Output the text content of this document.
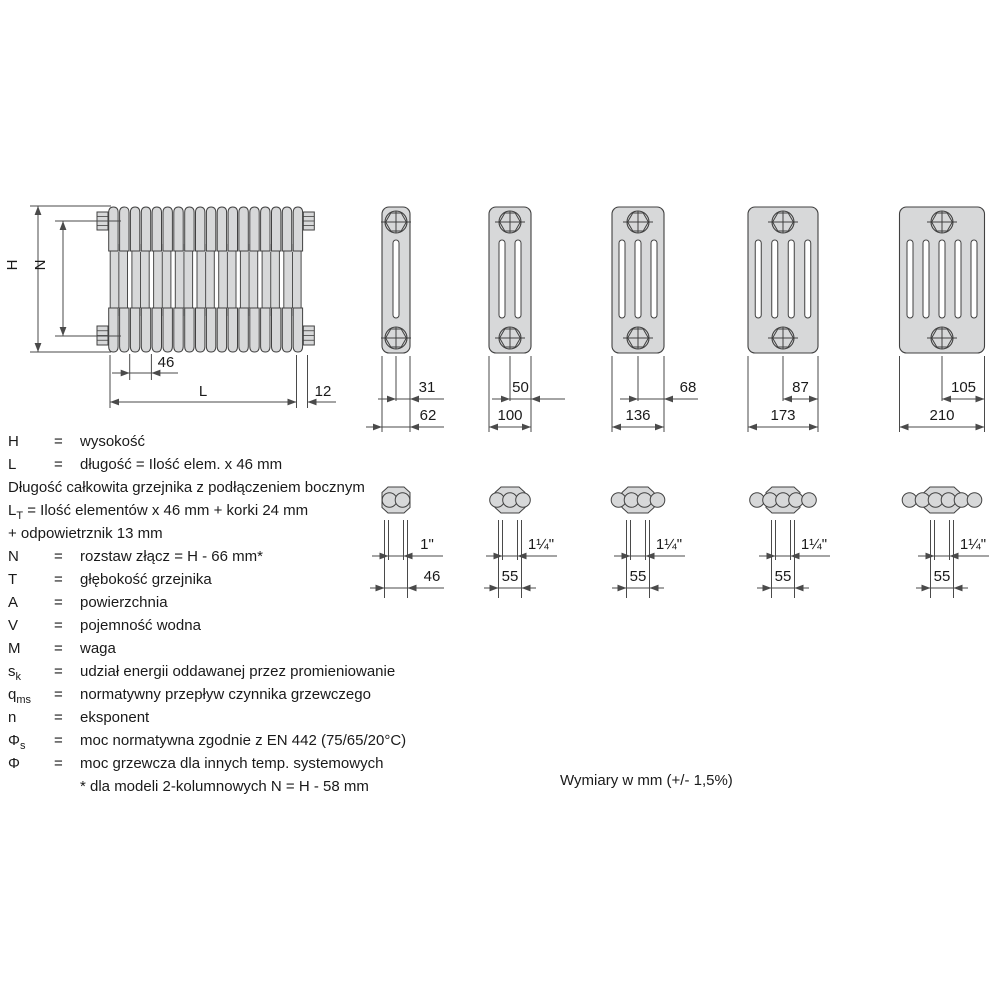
H N
46
L	12	31
62
50
100
68
136
87
173
105
210
1"
46
1¼"
55
1¼"
55
1¼"
55
1¼"
55
H	=	wysokość
L	=	długość = Ilość elem. x 46 mm
Długość całkowita grzejnika z podłączeniem bocznym
$L_T$ = Ilość elementów x 46 mm + korki 24 mm
+ odpowietrznik 13 mm
N	=	rozstaw złącz = H - 66 mm*
T	=	głębokość grzejnika
A	=	powierzchnia
V	=	pojemność wodna
M	=	waga
$s_k$	=	udział energii oddawanej przez promieniowanie
$q_{ms}$	=	normatywny przepływ czynnika grzewczego
n	=	eksponent
$\Phi_s$	=	moc normatywna zgodnie z EN 442 (75/65/20°C)
Φ	=	moc grzewcza dla innych temp. systemowych
* dla modeli 2-kolumnowych N = H - 58 mm	Wymiary w mm (+/- 1,5%)
